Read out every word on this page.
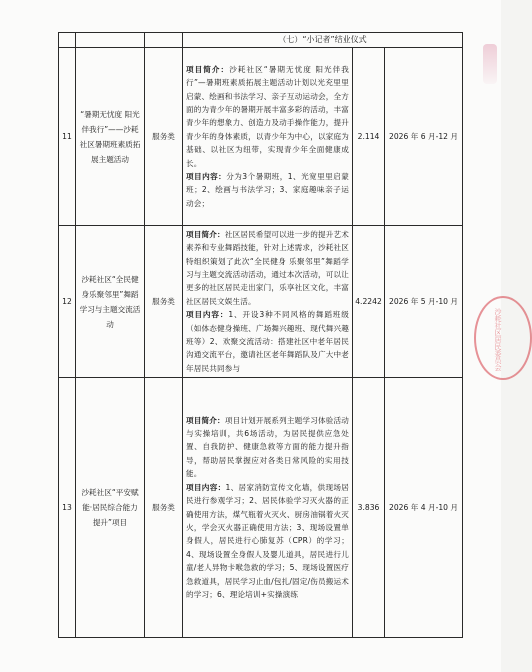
			（七）“小记者”结业仪式		
11	“暑期无忧度 阳光伴我行”——沙耗社区暑期班素质拓展主题活动	服务类	项目简介：沙耗社区“暑期无忧度 阳光伴我行”—暑期班素质拓展主题活动计划以光充里里启蒙、绘画和书法学习、亲子互动运动会，全方面的为青少年的暑期开展丰富多彩的活动，丰富青少年的想象力、创造力及动手操作能力，提升青少年的身体素质，以青少年为中心，以家庭为基础、以社区为纽带，实现青少年全面健康成长。
项目内容：分为3个暑期班，1、光宽里里启蒙班；2、绘画与书法学习；3、家庭趣味亲子运动会；	2.114	2026 年 6 月-12 月
12	沙耗社区“全民健身乐聚邻里”舞蹈学习与主题交流活动	服务类	项目简介：社区居民希望可以进一步的提升艺术素养和专业舞蹈技能，针对上述需求，沙耗社区特组织策划了此次“全民健身 乐聚邻里”舞蹈学习与主题交流活动活动，通过本次活动，可以让更多的社区居民走出家门，乐享社区文化，丰富社区居民文娱生活。
项目内容：1、开设3种不同风格的舞蹈班级（如体态健身操班、广场舞兴趣班、现代舞兴趣班等）2、欢聚交流活动：搭建社区中老年居民沟通交流平台，邀请社区老年舞蹈队及广大中老年居民共同参与	4.2242	2026 年 5 月-10 月
13	沙耗社区“平安赋能·居民综合能力提升”项目	服务类	项目简介：项目计划开展系列主题学习体验活动与实操培训，共6场活动，为居民提供应急处置、自我防护、健康急救等方面的能力提升指导，帮助居民掌握应对各类日常风险的实用技能。
项目内容：1、居家消防宣传文化墙，供现场居民进行参观学习；2、居民体验学习灭火器的正确使用方法，煤气瓶着火灭火、厨房油锅着火灭火，学会灭火器正确使用方法；3、现场设置单身假人，居民进行心肺复苏（CPR）的学习；4、现场设置全身假人及婴儿道具，居民进行儿童/老人异物卡喉急救的学习；5、现场设置医疗急救道具，居民学习止血/包扎/固定/伤员搬运术的学习；6、理论培训+实操演练	3.836	2026 年 4 月-10 月
沙耗社区居民委员会
